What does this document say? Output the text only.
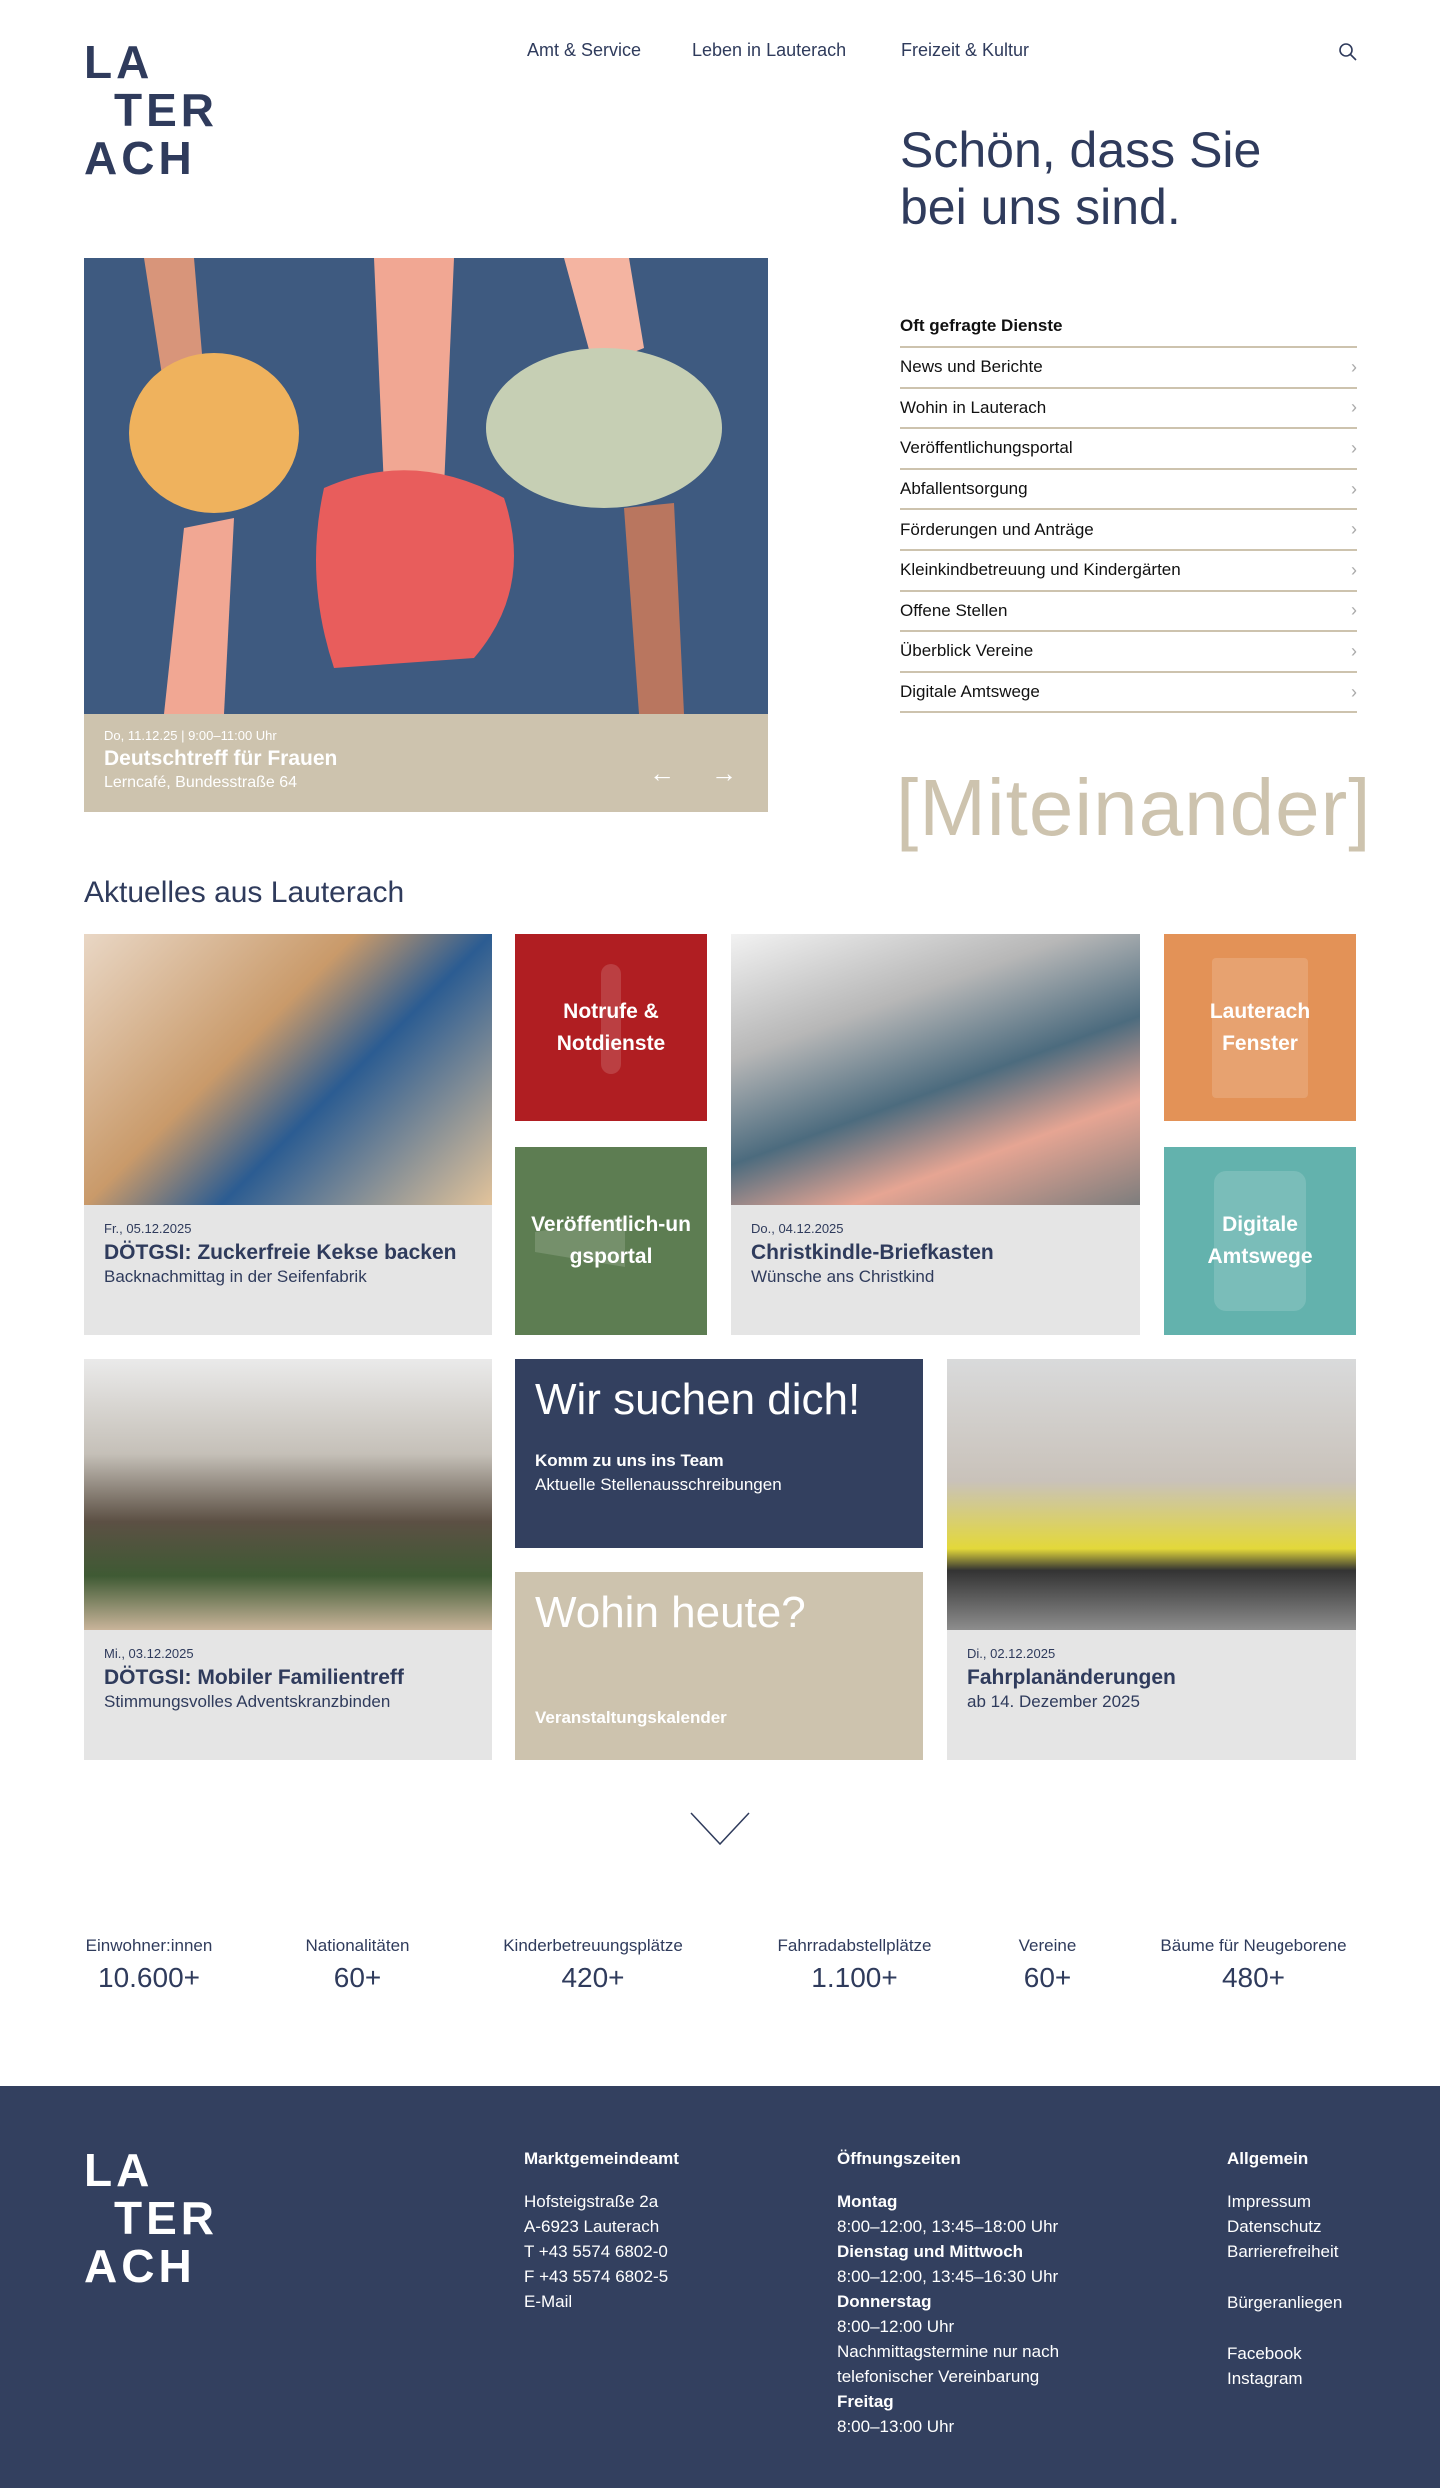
LA
TER
ACH
Amt & Service	Leben in Lauterach	Freizeit & Kultur
Schön, dass Sie
bei uns sind.
Do, 11.12.25 | 9:00–11:00 Uhr
Deutschtreff für Frauen
Lerncafé, Bundesstraße 64	← →
Oft gefragte Dienste
News und Berichte	›
Wohin in Lauterach	›
Veröffentlichungsportal	›
Abfallentsorgung	›
Förderungen und Anträge	›
Kleinkindbetreuung und Kindergärten	›
Offene Stellen	›
Überblick Vereine	›
Digitale Amtswege	›
[Miteinander]
Aktuelles aus Lauterach
Fr., 05.12.2025
DÖTGSI: Zuckerfreie Kekse backen
Backnachmittag in der Seifenfabrik
Notrufe & Notdienste
Veröffentlich-ungsportal
Do., 04.12.2025
Christkindle-Briefkasten
Wünsche ans Christkind
Lauterach Fenster
Digitale Amtswege
Mi., 03.12.2025
DÖTGSI: Mobiler Familientreff
Stimmungsvolles Adventskranzbinden
Wir suchen dich!
Komm zu uns ins Team
Aktuelle Stellenausschreibungen
Wohin heute?
Veranstaltungskalender
Di., 02.12.2025
Fahrplanänderungen
ab 14. Dezember 2025
Einwohner:innen
10.600+
Nationalitäten
60+
Kinderbetreuungsplätze
420+
Fahrradabstellplätze
1.100+
Vereine
60+
Bäume für Neugeborene
480+
LA
TER
ACH
Marktgemeindeamt
Hofsteigstraße 2a
A-6923 Lauterach
T +43 5574 6802-0
F +43 5574 6802-5
E-Mail
Öffnungszeiten
Montag
8:00–12:00, 13:45–18:00 Uhr
Dienstag und Mittwoch
8:00–12:00, 13:45–16:30 Uhr
Donnerstag
8:00–12:00 Uhr
Nachmittagstermine nur nach
telefonischer Vereinbarung
Freitag
8:00–13:00 Uhr
Allgemein
Impressum
Datenschutz
Barrierefreiheit
Bürgeranliegen
Facebook
Instagram
